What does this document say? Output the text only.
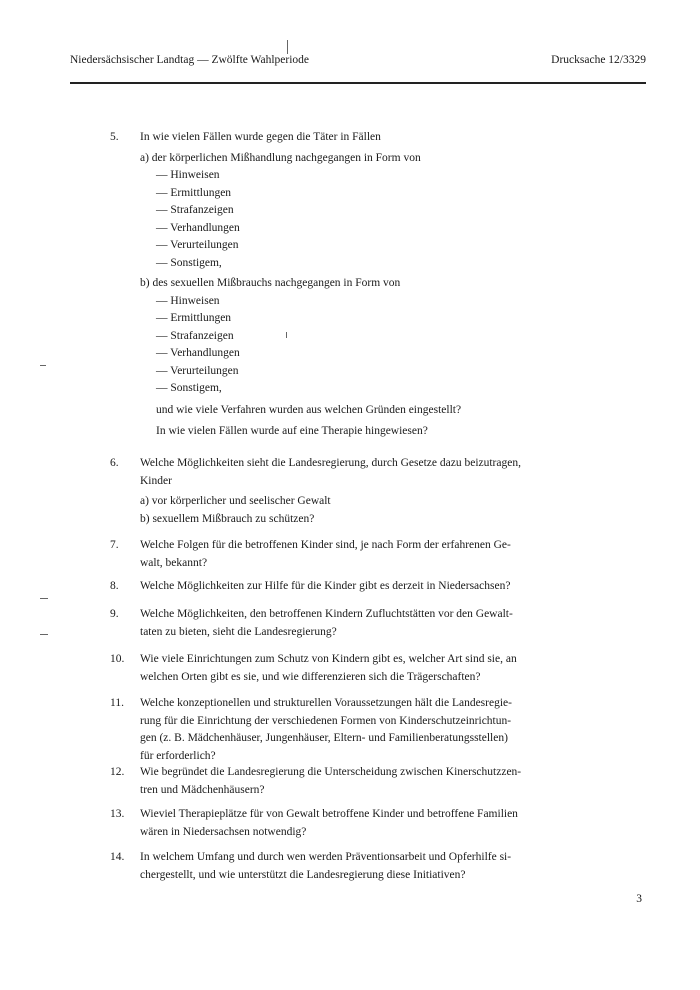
Niedersächsischer Landtag — Zwölfte Wahlperiode	Drucksache 12/3329
5.	In wie vielen Fällen wurde gegen die Täter in Fällen
a) der körperlichen Mißhandlung nachgegangen in Form von
— Hinweisen
— Ermittlungen
— Strafanzeigen
— Verhandlungen
— Verurteilungen
— Sonstigem,
b) des sexuellen Mißbrauchs nachgegangen in Form von
— Hinweisen
— Ermittlungen
— Strafanzeigen
— Verhandlungen
— Verurteilungen
— Sonstigem,
und wie viele Verfahren wurden aus welchen Gründen eingestellt?
In wie vielen Fällen wurde auf eine Therapie hingewiesen?
6.	Welche Möglichkeiten sieht die Landesregierung, durch Gesetze dazu beizutragen,
Kinder
a) vor körperlicher und seelischer Gewalt
b) sexuellem Mißbrauch zu schützen?
7.	Welche Folgen für die betroffenen Kinder sind, je nach Form der erfahrenen Ge-
walt, bekannt?
8.	Welche Möglichkeiten zur Hilfe für die Kinder gibt es derzeit in Niedersachsen?
9.	Welche Möglichkeiten, den betroffenen Kindern Zufluchtstätten vor den Gewalt-
taten zu bieten, sieht die Landesregierung?
10.	Wie viele Einrichtungen zum Schutz von Kindern gibt es, welcher Art sind sie, an
welchen Orten gibt es sie, und wie differenzieren sich die Trägerschaften?
11.	Welche konzeptionellen und strukturellen Voraussetzungen hält die Landesregie-
rung für die Einrichtung der verschiedenen Formen von Kinderschutzeinrichtun-
gen (z. B. Mädchenhäuser, Jungenhäuser, Eltern- und Familienberatungsstellen)
für erforderlich?
12.	Wie begründet die Landesregierung die Unterscheidung zwischen Kinerschutzzen-
tren und Mädchenhäusern?
13.	Wieviel Therapieplätze für von Gewalt betroffene Kinder und betroffene Familien
wären in Niedersachsen notwendig?
14.	In welchem Umfang und durch wen werden Präventionsarbeit und Opferhilfe si-
chergestellt, und wie unterstützt die Landesregierung diese Initiativen?
3
